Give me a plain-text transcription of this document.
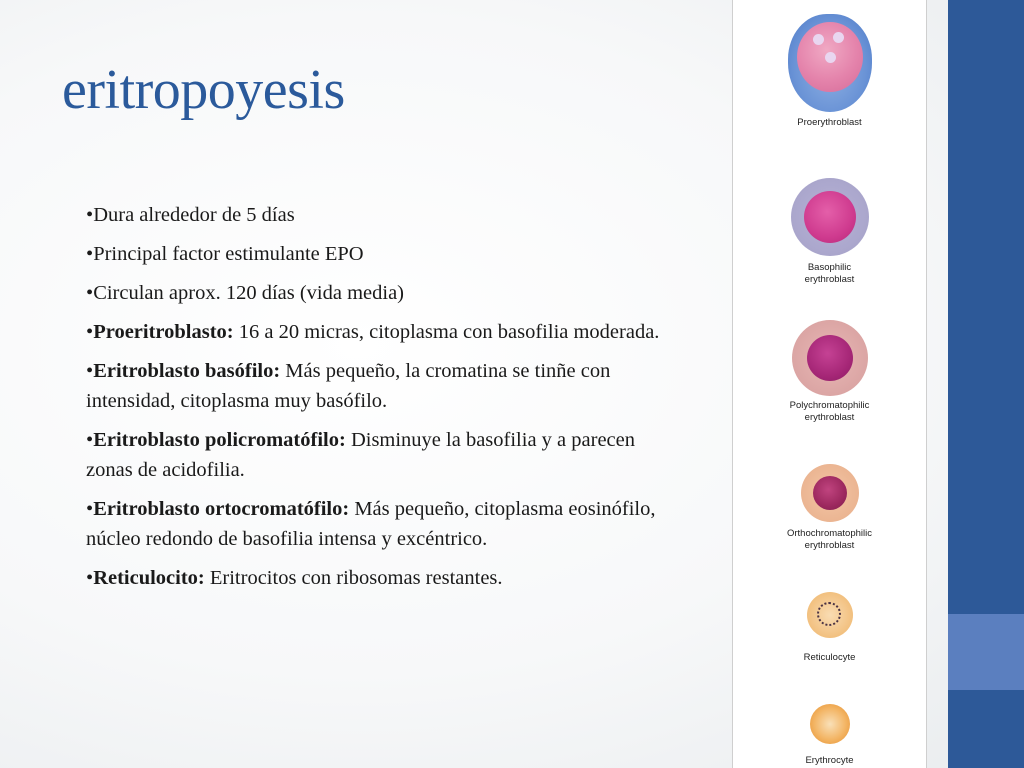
eritropoyesis
• Dura alrededor de 5 días
• Principal factor estimulante EPO
• Circulan aprox. 120 días (vida media)
• Proeritroblasto: 16 a 20 micras, citoplasma con basofilia moderada.
• Eritroblasto basófilo: Más pequeño, la cromatina se tinñe con intensidad, citoplasma muy basófilo.
• Eritroblasto policromatófilo: Disminuye la basofilia y a parecen zonas de acidofilia.
• Eritroblasto ortocromatófilo: Más pequeño, citoplasma eosinófilo, núcleo redondo de basofilia intensa y excéntrico.
• Reticulocito: Eritrocitos con ribosomas restantes.
Proerythroblast
Basophilic
erythroblast
Polychromatophilic
erythroblast
Orthochromatophilic
erythroblast
Reticulocyte
Erythrocyte
